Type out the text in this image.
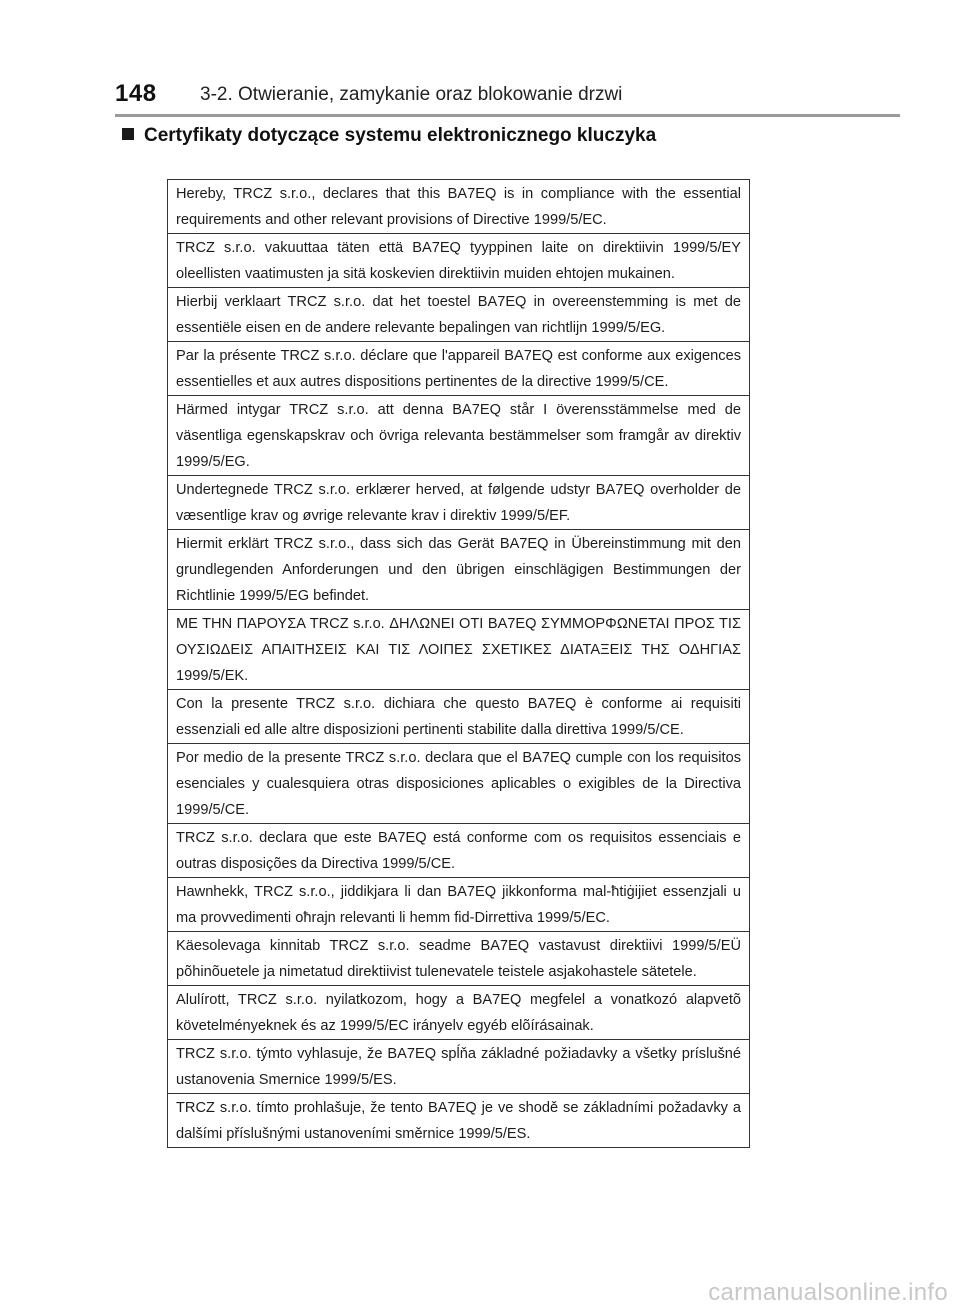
148 3-2. Otwieranie, zamykanie oraz blokowanie drzwi
Certyfikaty dotyczące systemu elektronicznego kluczyka
Hereby, TRCZ s.r.o., declares that this BA7EQ is in compliance with the essential requirements and other relevant provisions of Directive 1999/5/EC.
TRCZ s.r.o. vakuuttaa täten että BA7EQ tyyppinen laite on direktiivin 1999/5/EY oleellisten vaatimusten ja sitä koskevien direktiivin muiden ehtojen mukainen.
Hierbij verklaart TRCZ s.r.o. dat het toestel BA7EQ in overeenstemming is met de essentiële eisen en de andere relevante bepalingen van richtlijn 1999/5/EG.
Par la présente TRCZ s.r.o. déclare que l'appareil BA7EQ est conforme aux exigences essentielles et aux autres dispositions pertinentes de la directive 1999/5/CE.
Härmed intygar TRCZ s.r.o. att denna BA7EQ står I överensstämmelse med de väsentliga egenskapskrav och övriga relevanta bestämmelser som framgår av direktiv 1999/5/EG.
Undertegnede TRCZ s.r.o. erklærer herved, at følgende udstyr BA7EQ overholder de væsentlige krav og øvrige relevante krav i direktiv 1999/5/EF.
Hiermit erklärt TRCZ s.r.o., dass sich das Gerät BA7EQ in Übereinstimmung mit den grundlegenden Anforderungen und den übrigen einschlägigen Bestimmungen der Richtlinie 1999/5/EG befindet.
ΜΕ ΤΗΝ ΠΑΡΟΥΣΑ TRCZ s.r.o. ΔΗΛΩΝΕΙ ΟΤΙ BA7EQ ΣΥΜΜΟΡΦΩΝΕΤΑΙ ΠΡΟΣ ΤΙΣ ΟΥΣΙΩΔΕΙΣ ΑΠΑΙΤΗΣΕΙΣ ΚΑΙ ΤΙΣ ΛΟΙΠΕΣ ΣΧΕΤΙΚΕΣ ΔΙΑΤΑΞΕΙΣ ΤΗΣ ΟΔΗΓΙΑΣ 1999/5/ΕΚ.
Con la presente TRCZ s.r.o. dichiara che questo BA7EQ è conforme ai requisiti essenziali ed alle altre disposizioni pertinenti stabilite dalla direttiva 1999/5/CE.
Por medio de la presente TRCZ s.r.o. declara que el BA7EQ cumple con los requisitos esenciales y cualesquiera otras disposiciones aplicables o exigibles de la Directiva 1999/5/CE.
TRCZ s.r.o. declara que este BA7EQ está conforme com os requisitos essenciais e outras disposições da Directiva 1999/5/CE.
Hawnhekk, TRCZ s.r.o., jiddikjara li dan BA7EQ jikkonforma mal-ħtiġijiet essenzjali u ma provvedimenti oħrajn relevanti li hemm fid-Dirrettiva 1999/5/EC.
Käesolevaga kinnitab TRCZ s.r.o. seadme BA7EQ vastavust direktiivi 1999/5/EÜ põhinõuetele ja nimetatud direktiivist tulenevatele teistele asjakohastele sätetele.
Alulírott, TRCZ s.r.o. nyilatkozom, hogy a BA7EQ megfelel a vonatkozó alapvetõ követelményeknek és az 1999/5/EC irányelv egyéb elõírásainak.
TRCZ s.r.o. týmto vyhlasuje, že BA7EQ spĺňa základné požiadavky a všetky príslušné ustanovenia Smernice 1999/5/ES.
TRCZ s.r.o. tímto prohlašuje, že tento BA7EQ je ve shodě se základními požadavky a dalšími příslušnými ustanoveními směrnice 1999/5/ES.
carmanualsonline.info
